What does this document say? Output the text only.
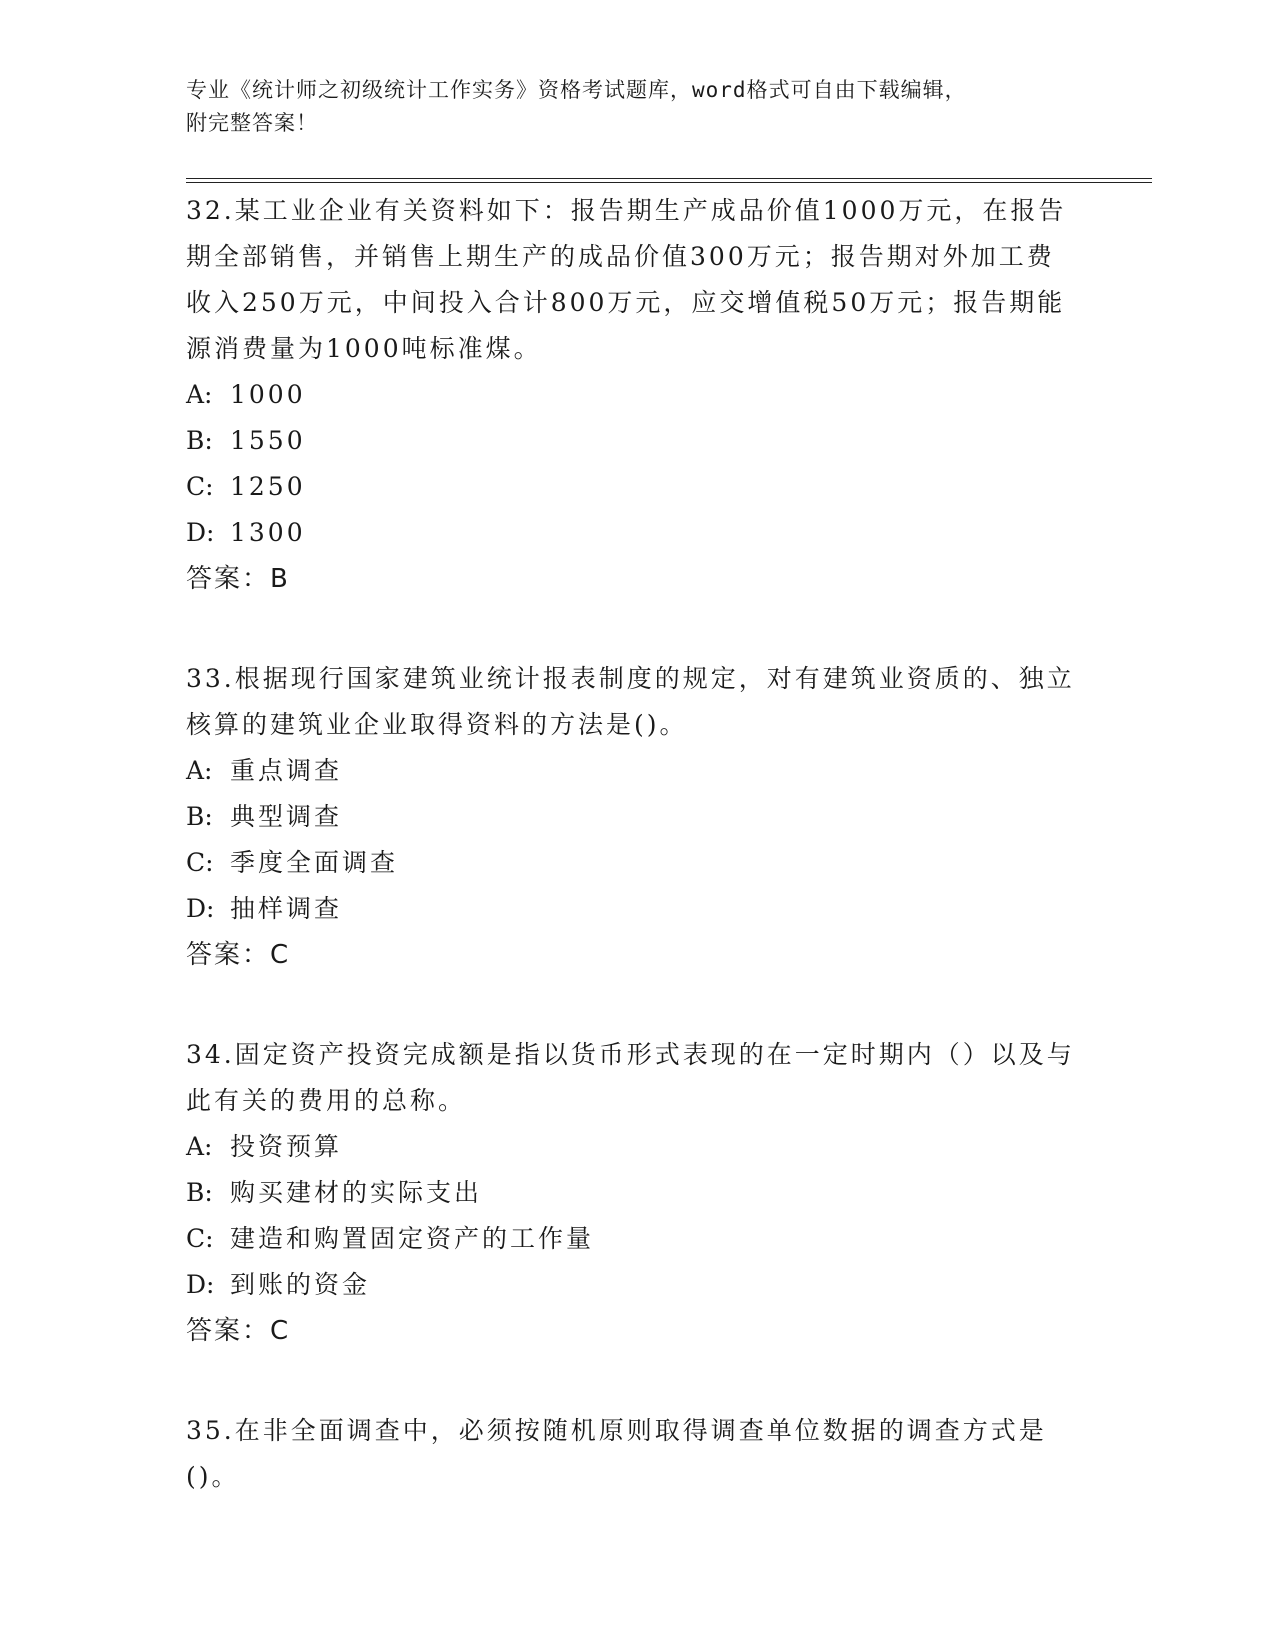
专业《统计师之初级统计工作实务》资格考试题库，word格式可自由下载编辑，
附完整答案！

32.某工业企业有关资料如下：报告期生产成品价值1000万元，在报告期全部销售，并销售上期生产的成品价值300万元；报告期对外加工费收入250万元，中间投入合计800万元，应交增值税50万元；报告期能源消费量为1000吨标准煤。

A: 1000

B: 1550

C: 1250

D: 1300

答案：B

33.根据现行国家建筑业统计报表制度的规定，对有建筑业资质的、独立核算的建筑业企业取得资料的方法是()。

A: 重点调查

B: 典型调查

C: 季度全面调查

D: 抽样调查

答案：C

34.固定资产投资完成额是指以货币形式表现的在一定时期内（）以及与此有关的费用的总称。

A: 投资预算

B: 购买建材的实际支出

C: 建造和购置固定资产的工作量

D: 到账的资金

答案：C

35.在非全面调查中，必须按随机原则取得调查单位数据的调查方式是()。
